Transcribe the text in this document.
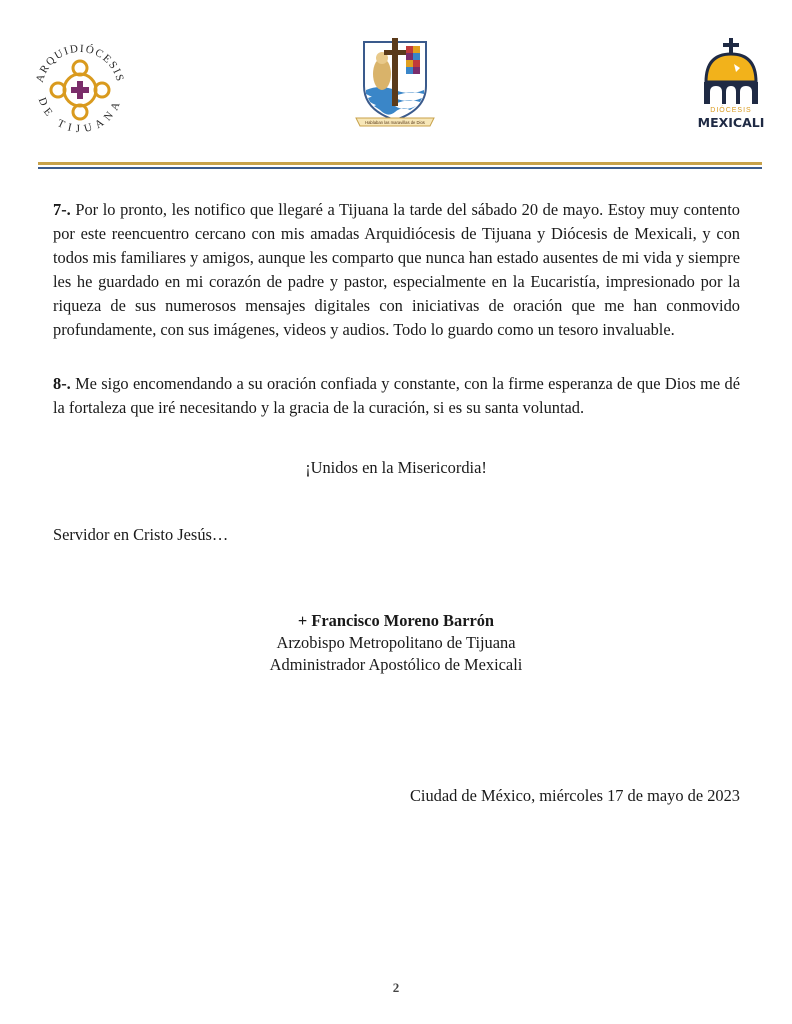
ARQUIDIÓCESIS
DE TIJUANA
Hablaban las maravillas de Dios
DIÓCESIS
MEXICALI

7-. Por lo pronto, les notifico que llegaré a Tijuana la tarde del sábado 20 de mayo. Estoy muy contento por este reencuentro cercano con mis amadas Arquidiócesis de Tijuana y Diócesis de Mexicali, y con todos mis familiares y amigos, aunque les comparto que nunca han estado ausentes de mi vida y siempre les he guardado en mi corazón de padre y pastor, especialmente en la Eucaristía, impresionado por la riqueza de sus numerosos mensajes digitales con iniciativas de oración que me han conmovido profundamente, con sus imágenes, videos y audios. Todo lo guardo como un tesoro invaluable.

8-. Me sigo encomendando a su oración confiada y constante, con la firme esperanza de que Dios me dé la fortaleza que iré necesitando y la gracia de la curación, si es su santa voluntad.

¡Unidos en la Misericordia!
Servidor en Cristo Jesús…
+ Francisco Moreno Barrón
Arzobispo Metropolitano de Tijuana
Administrador Apostólico de Mexicali
Ciudad de México, miércoles 17 de mayo de 2023
2
